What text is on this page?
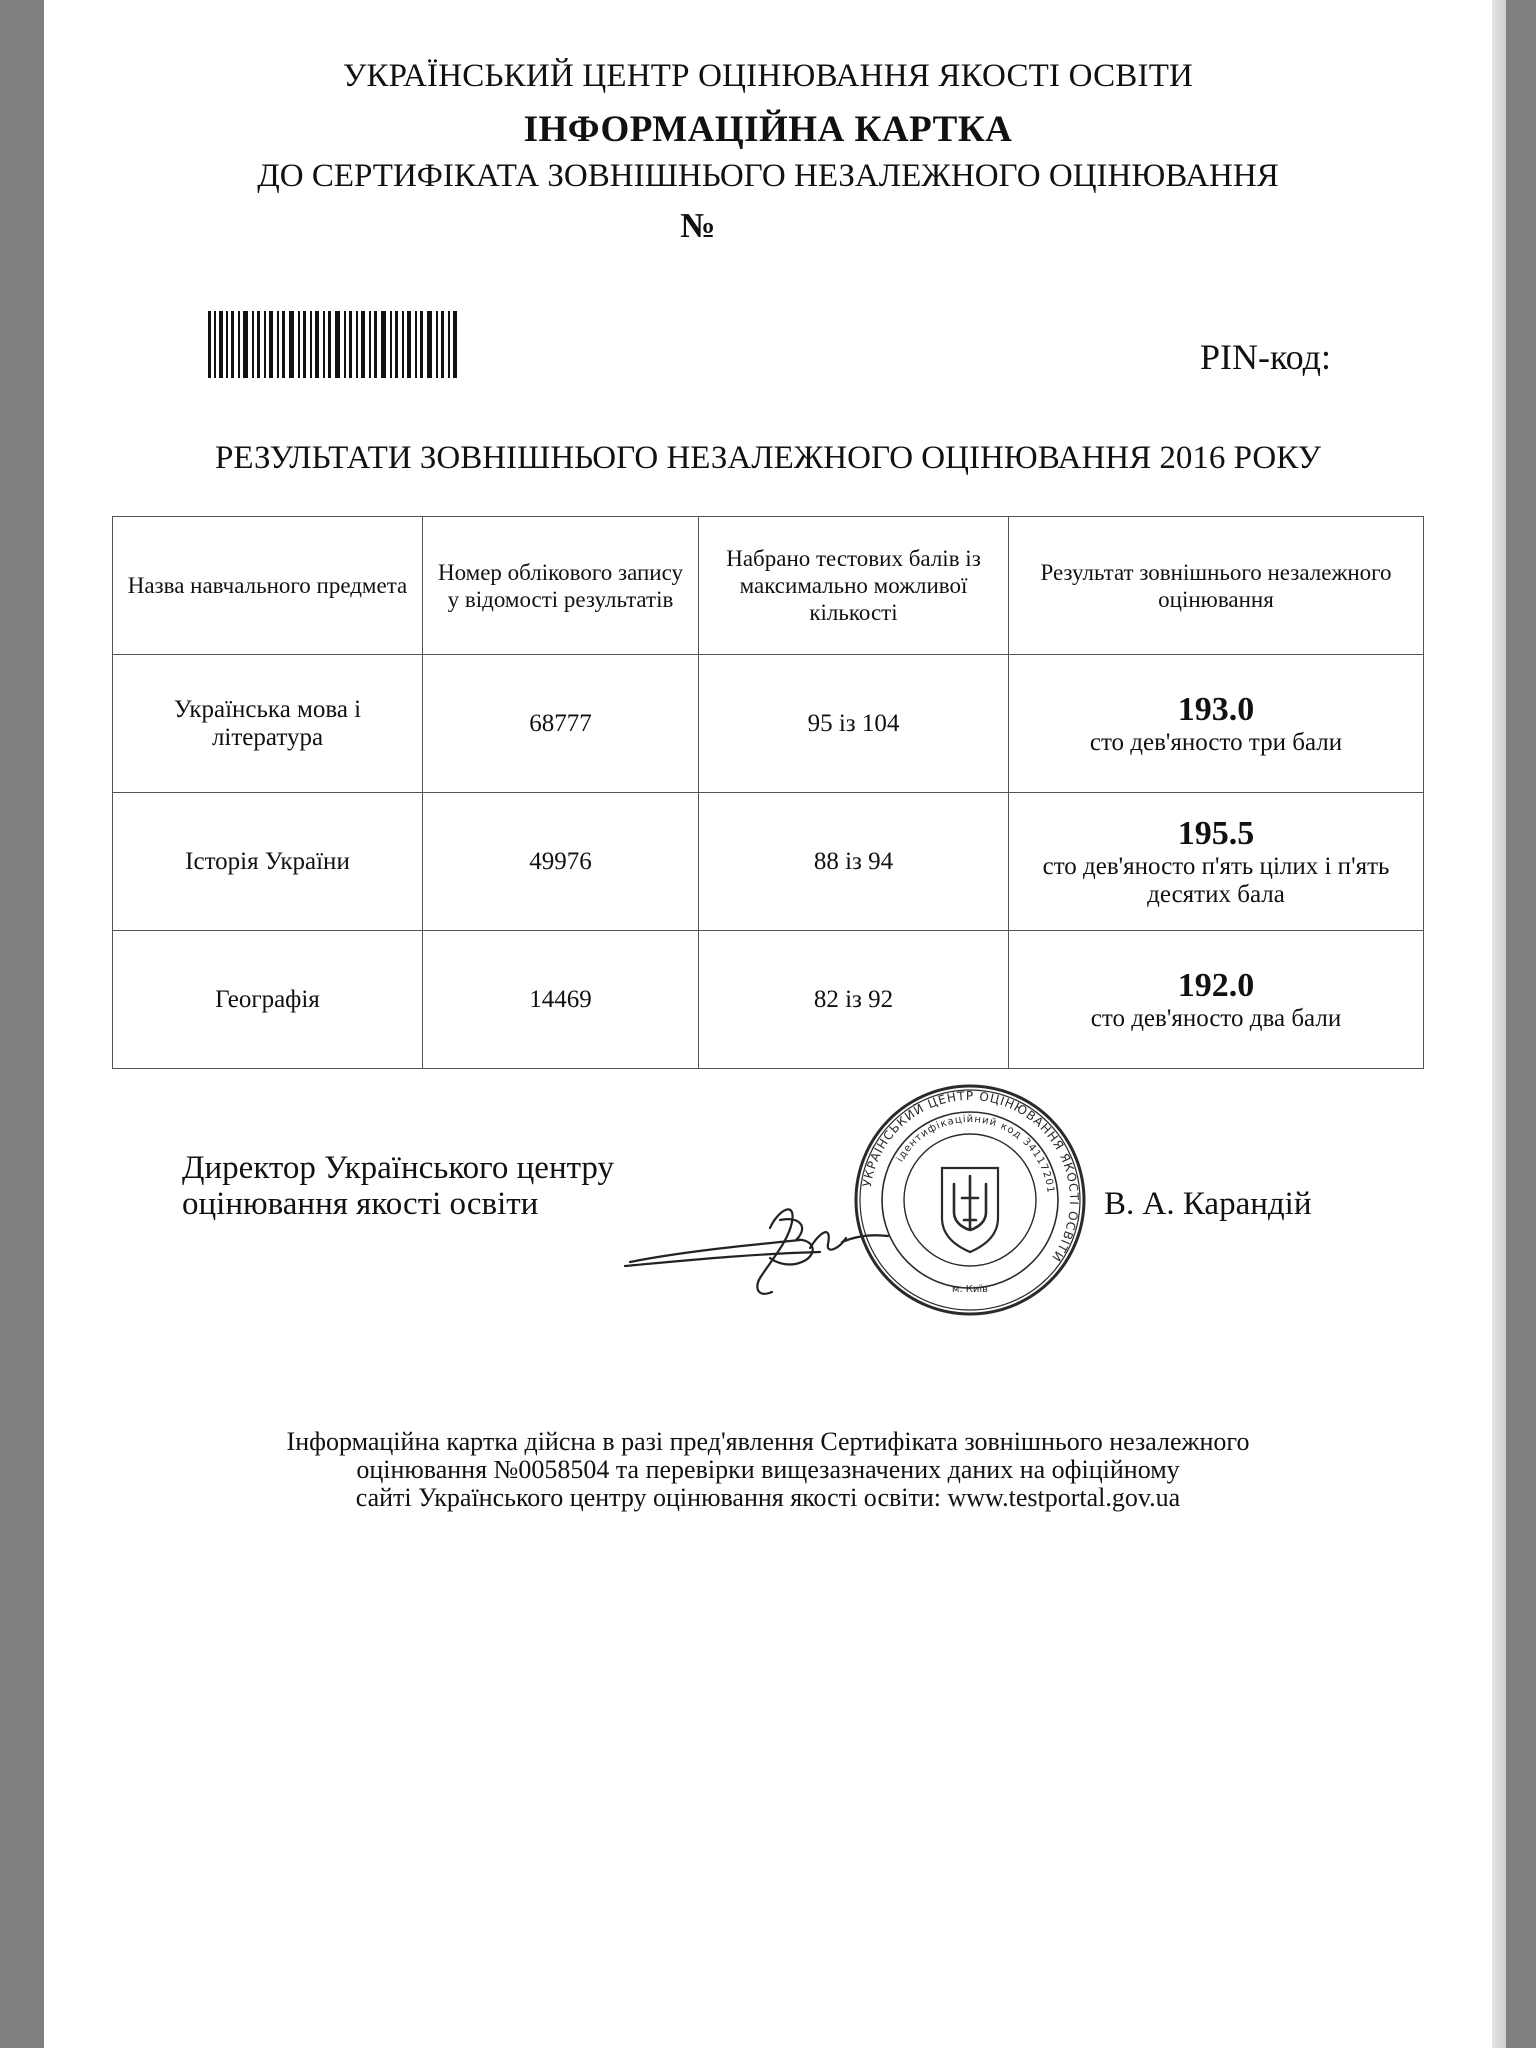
УКРАЇНСЬКИЙ ЦЕНТР ОЦІНЮВАННЯ ЯКОСТІ ОСВІТИ
ІНФОРМАЦІЙНА КАРТКА
ДО СЕРТИФІКАТА ЗОВНІШНЬОГО НЕЗАЛЕЖНОГО ОЦІНЮВАННЯ
№
PIN-код:
РЕЗУЛЬТАТИ ЗОВНІШНЬОГО НЕЗАЛЕЖНОГО ОЦІНЮВАННЯ 2016 РОКУ
Назва навчального предмета	Номер облікового запису у відомості результатів	Набрано тестових балів із максимально можливої кількості	Результат зовнішнього незалежного оцінювання
Українська мова і література	68777	95 із 104	193.0
сто дев'яносто три бали

Історія України	49976	88 із 94	195.5
сто дев'яносто п'ять цілих і п'ять десятих бала

Географія	14469	82 із 92	192.0
сто дев'яносто два бали
Директор Українського центру
оцінювання якості освіти
УКРАЇНСЬКИЙ ЦЕНТР ОЦІНЮВАННЯ ЯКОСТІ ОСВІТИ
ідентифікаційний код 34117201
м. Київ
В. А. Карандій
Інформаційна картка дійсна в разі пред'явлення Сертифіката зовнішнього незалежного
оцінювання №0058504 та перевірки вищезазначених даних на офіційному
сайті Українського центру оцінювання якості освіти: www.testportal.gov.ua
